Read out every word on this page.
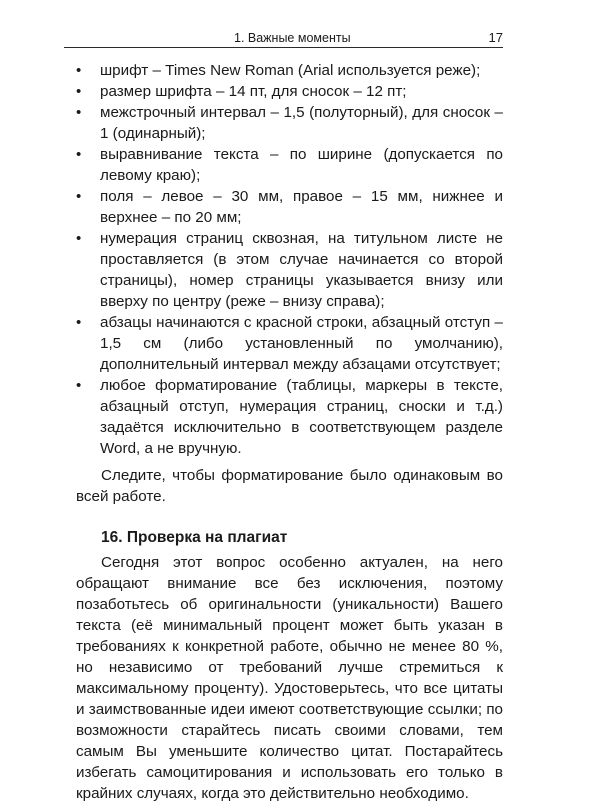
1. Важные моменты	17
• шрифт – Times New Roman (Arial используется реже);
• размер шрифта – 14 пт, для сносок – 12 пт;
• межстрочный интервал – 1,5 (полуторный), для сносок – 1 (одинарный);
• выравнивание текста – по ширине (допускается по левому краю);
• поля – левое – 30 мм, правое – 15 мм, нижнее и верхнее – по 20 мм;
• нумерация страниц сквозная, на титульном листе не проставляется (в этом случае начинается со второй страницы), номер страницы указывается внизу или вверху по центру (реже – внизу справа);
• абзацы начинаются с красной строки, абзацный отступ – 1,5 см (либо установленный по умолчанию), дополнительный интервал между абзацами отсутствует;
• любое форматирование (таблицы, маркеры в тексте, абзацный отступ, нумерация страниц, сноски и т.д.) задаётся исключительно в соответствующем разделе Word, а не вручную.

Следите, чтобы форматирование было одинаковым во всей работе.

16. Проверка на плагиат

Сегодня этот вопрос особенно актуален, на него обращают внимание все без исключения, поэтому позаботьтесь об оригинальности (уникальности) Вашего текста (её минимальный процент может быть указан в требованиях к конкретной работе, обычно не менее 80 %, но независимо от требований лучше стремиться к максимальному проценту). Удостоверьтесь, что все цитаты и заимствованные идеи имеют соответствующие ссылки; по возможности старайтесь писать своими словами, тем самым Вы уменьшите количество цитат. Постарайтесь избегать самоцитирования и использовать его только в крайних случаях, когда это действительно необходимо.
